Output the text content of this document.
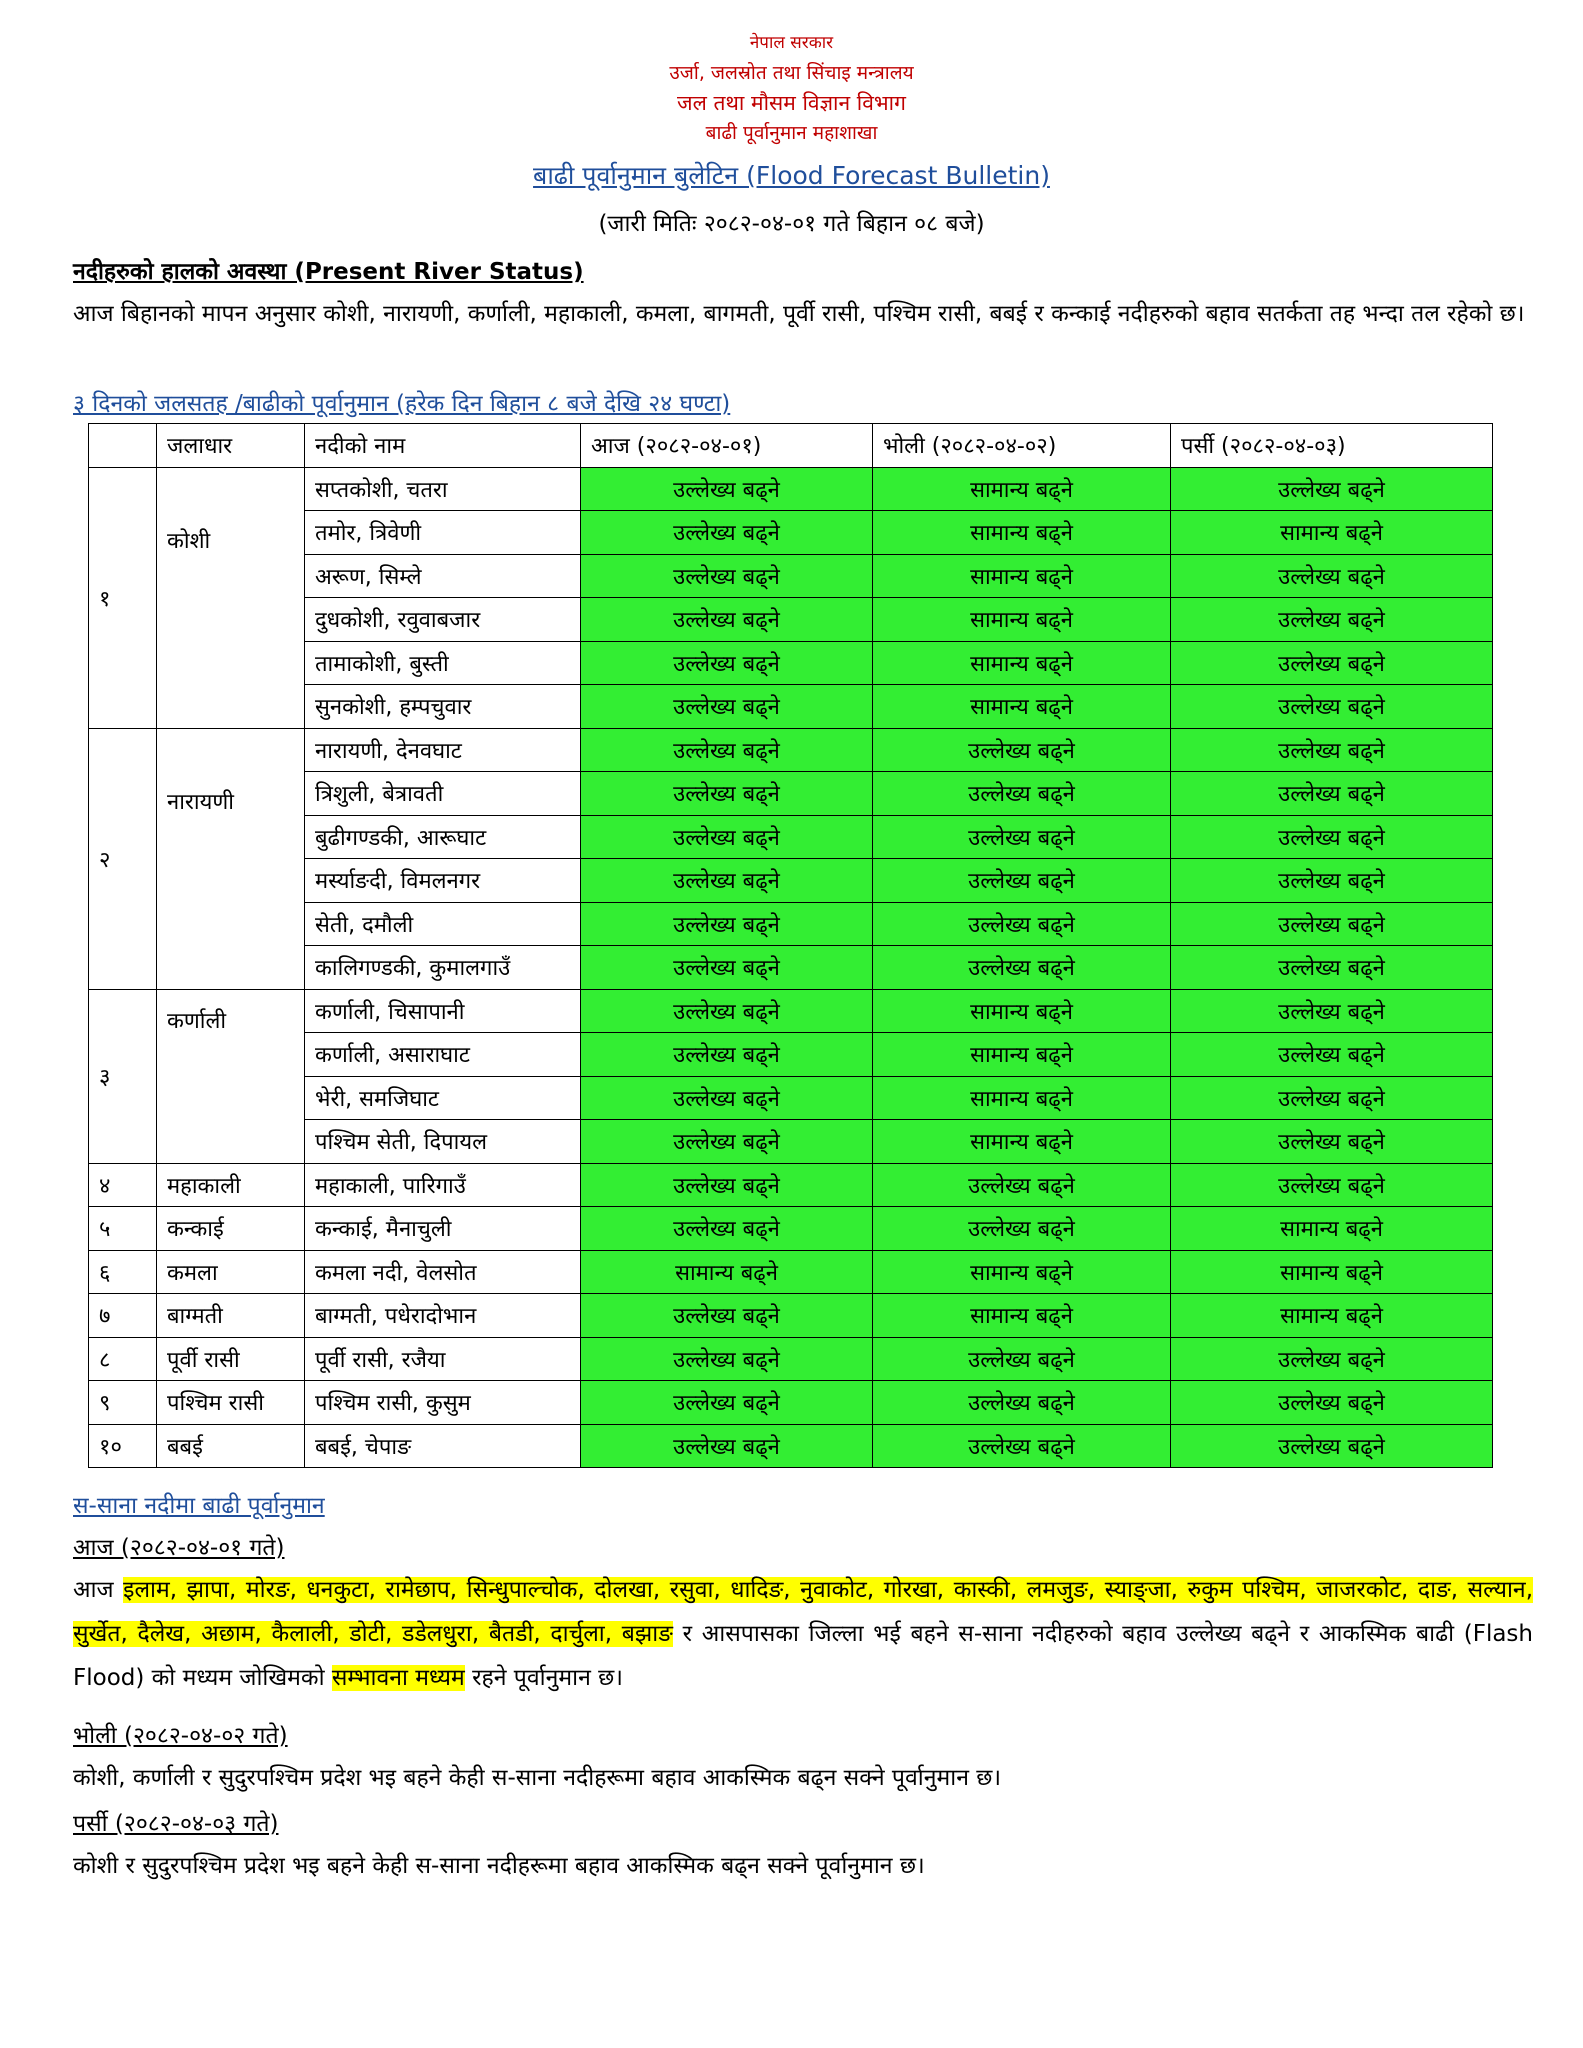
नेपाल सरकार
उर्जा, जलस्रोत तथा सिंचाइ मन्त्रालय
जल तथा मौसम विज्ञान विभाग
बाढी पूर्वानुमान महाशाखा
बाढी पूर्वानुमान बुलेटिन (Flood Forecast Bulletin)
(जारी मितिः २०८२-०४-०१ गते बिहान ०८ बजे)
नदीहरुको हालको अवस्था (Present River Status)
आज बिहानको मापन अनुसार कोशी, नारायणी, कर्णाली, महाकाली, कमला, बागमती, पूर्वी रासी, पश्चिम रासी, बबई र कन्काई नदीहरुको बहाव सतर्कता तह भन्दा तल रहेको छ।
३ दिनको जलसतह /बाढीको पूर्वानुमान (हरेक दिन बिहान ८ बजे देखि २४ घण्टा)
	जलाधार	नदीको नाम	आज (२०८२-०४-०१)	भोली (२०८२-०४-०२)	पर्सी (२०८२-०४-०३)
१	कोशी	सप्तकोशी, चतरा	उल्लेख्य बढ्ने	सामान्य बढ्ने	उल्लेख्य बढ्ने
		तमोर, त्रिवेणी	उल्लेख्य बढ्ने	सामान्य बढ्ने	सामान्य बढ्ने
		अरूण, सिम्ले	उल्लेख्य बढ्ने	सामान्य बढ्ने	उल्लेख्य बढ्ने
		दुधकोशी, रवुवाबजार	उल्लेख्य बढ्ने	सामान्य बढ्ने	उल्लेख्य बढ्ने
		तामाकोशी, बुस्ती	उल्लेख्य बढ्ने	सामान्य बढ्ने	उल्लेख्य बढ्ने
		सुनकोशी, हम्पचुवार	उल्लेख्य बढ्ने	सामान्य बढ्ने	उल्लेख्य बढ्ने
२	नारायणी	नारायणी, देनवघाट	उल्लेख्य बढ्ने	उल्लेख्य बढ्ने	उल्लेख्य बढ्ने
		त्रिशुली, बेत्रावती	उल्लेख्य बढ्ने	उल्लेख्य बढ्ने	उल्लेख्य बढ्ने
		बुढीगण्डकी, आरूघाट	उल्लेख्य बढ्ने	उल्लेख्य बढ्ने	उल्लेख्य बढ्ने
		मर्स्याङदी, विमलनगर	उल्लेख्य बढ्ने	उल्लेख्य बढ्ने	उल्लेख्य बढ्ने
		सेती, दमौली	उल्लेख्य बढ्ने	उल्लेख्य बढ्ने	उल्लेख्य बढ्ने
		कालिगण्डकी, कुमालगाउँ	उल्लेख्य बढ्ने	उल्लेख्य बढ्ने	उल्लेख्य बढ्ने
३	कर्णाली	कर्णाली, चिसापानी	उल्लेख्य बढ्ने	सामान्य बढ्ने	उल्लेख्य बढ्ने
		कर्णाली, असाराघाट	उल्लेख्य बढ्ने	सामान्य बढ्ने	उल्लेख्य बढ्ने
		भेरी, समजिघाट	उल्लेख्य बढ्ने	सामान्य बढ्ने	उल्लेख्य बढ्ने
		पश्चिम सेती, दिपायल	उल्लेख्य बढ्ने	सामान्य बढ्ने	उल्लेख्य बढ्ने
४	महाकाली	महाकाली, पारिगाउँ	उल्लेख्य बढ्ने	उल्लेख्य बढ्ने	उल्लेख्य बढ्ने
५	कन्काई	कन्काई, मैनाचुली	उल्लेख्य बढ्ने	उल्लेख्य बढ्ने	सामान्य बढ्ने
६	कमला	कमला नदी, वेलसोत	सामान्य बढ्ने	सामान्य बढ्ने	सामान्य बढ्ने
७	बाग्मती	बाग्मती, पधेरादोभान	उल्लेख्य बढ्ने	सामान्य बढ्ने	सामान्य बढ्ने
८	पूर्वी रासी	पूर्वी रासी, रजैया	उल्लेख्य बढ्ने	उल्लेख्य बढ्ने	उल्लेख्य बढ्ने
९	पश्चिम रासी	पश्चिम रासी, कुसुम	उल्लेख्य बढ्ने	उल्लेख्य बढ्ने	उल्लेख्य बढ्ने
१०	बबई	बबई, चेपाङ	उल्लेख्य बढ्ने	उल्लेख्य बढ्ने	उल्लेख्य बढ्ने
स-साना नदीमा बाढी पूर्वानुमान
आज (२०८२-०४-०१ गते)
आज इलाम, झापा, मोरङ, धनकुटा, रामेछाप, सिन्धुपाल्चोक, दोलखा, रसुवा, धादिङ, नुवाकोट, गोरखा, कास्की, लमजुङ, स्याङ्जा, रुकुम पश्चिम, जाजरकोट, दाङ, सल्यान, सुर्खेत, दैलेख, अछाम, कैलाली, डोटी, डडेलधुरा, बैतडी, दार्चुला, बझाङ र आसपासका जिल्ला भई बहने स-साना नदीहरुको बहाव उल्लेख्य बढ्ने र आकस्मिक बाढी (Flash Flood) को मध्यम जोखिमको सम्भावना मध्यम रहने पूर्वानुमान छ।
भोली (२०८२-०४-०२ गते)
कोशी, कर्णाली र सुदुरपश्चिम प्रदेश भइ बहने केही स-साना नदीहरूमा बहाव आकस्मिक बढ्न सक्ने पूर्वानुमान छ।
पर्सी (२०८२-०४-०३ गते)
कोशी र सुदुरपश्चिम प्रदेश भइ बहने केही स-साना नदीहरूमा बहाव आकस्मिक बढ्न सक्ने पूर्वानुमान छ।
